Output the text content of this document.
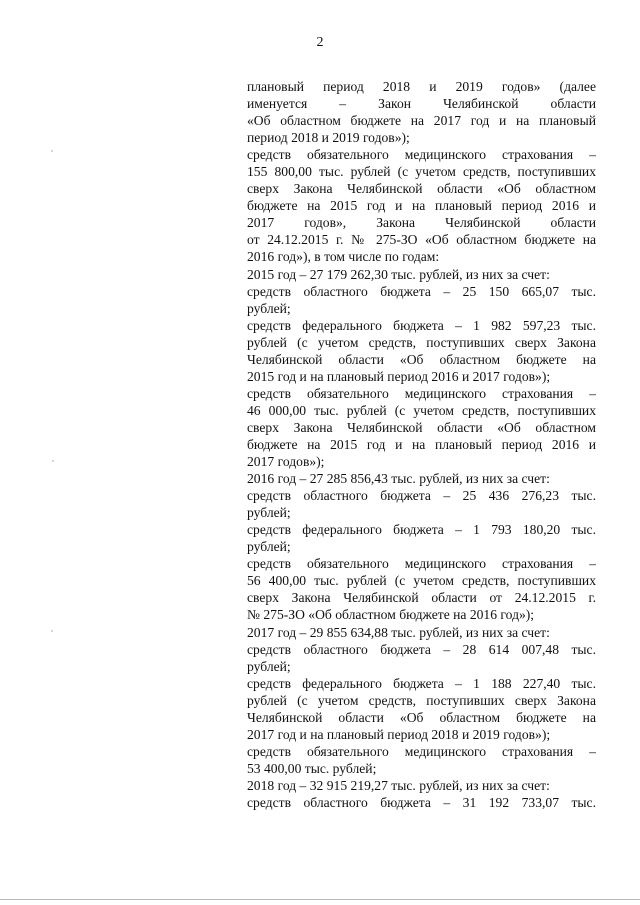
2
плановый период 2018 и 2019 годов» (далее
именуется – Закон Челябинской области
«Об областном бюджете на 2017 год и на плановый
период 2018 и 2019 годов»);
средств обязательного медицинского страхования –
155 800,00 тыс. рублей (с учетом средств, поступивших
сверх Закона Челябинской области «Об областном
бюджете на 2015 год и на плановый период 2016 и
2017 годов», Закона Челябинской области
от 24.12.2015 г. № 275-ЗО «Об областном бюджете на
2016 год»), в том числе по годам:
2015 год – 27 179 262,30 тыс. рублей, из них за счет:
средств областного бюджета – 25 150 665,07 тыс.
рублей;
средств федерального бюджета – 1 982 597,23 тыс.
рублей (с учетом средств, поступивших сверх Закона
Челябинской области «Об областном бюджете на
2015 год и на плановый период 2016 и 2017 годов»);
средств обязательного медицинского страхования –
46 000,00 тыс. рублей (с учетом средств, поступивших
сверх Закона Челябинской области «Об областном
бюджете на 2015 год и на плановый период 2016 и
2017 годов»);
2016 год – 27 285 856,43 тыс. рублей, из них за счет:
средств областного бюджета – 25 436 276,23 тыс.
рублей;
средств федерального бюджета – 1 793 180,20 тыс.
рублей;
средств обязательного медицинского страхования –
56 400,00 тыс. рублей (с учетом средств, поступивших
сверх Закона Челябинской области от 24.12.2015 г.
№ 275-ЗО «Об областном бюджете на 2016 год»);
2017 год – 29 855 634,88 тыс. рублей, из них за счет:
средств областного бюджета – 28 614 007,48 тыс.
рублей;
средств федерального бюджета – 1 188 227,40 тыс.
рублей (с учетом средств, поступивших сверх Закона
Челябинской области «Об областном бюджете на
2017 год и на плановый период 2018 и 2019 годов»);
средств обязательного медицинского страхования –
53 400,00 тыс. рублей;
2018 год – 32 915 219,27 тыс. рублей, из них за счет:
средств областного бюджета – 31 192 733,07 тыс.
